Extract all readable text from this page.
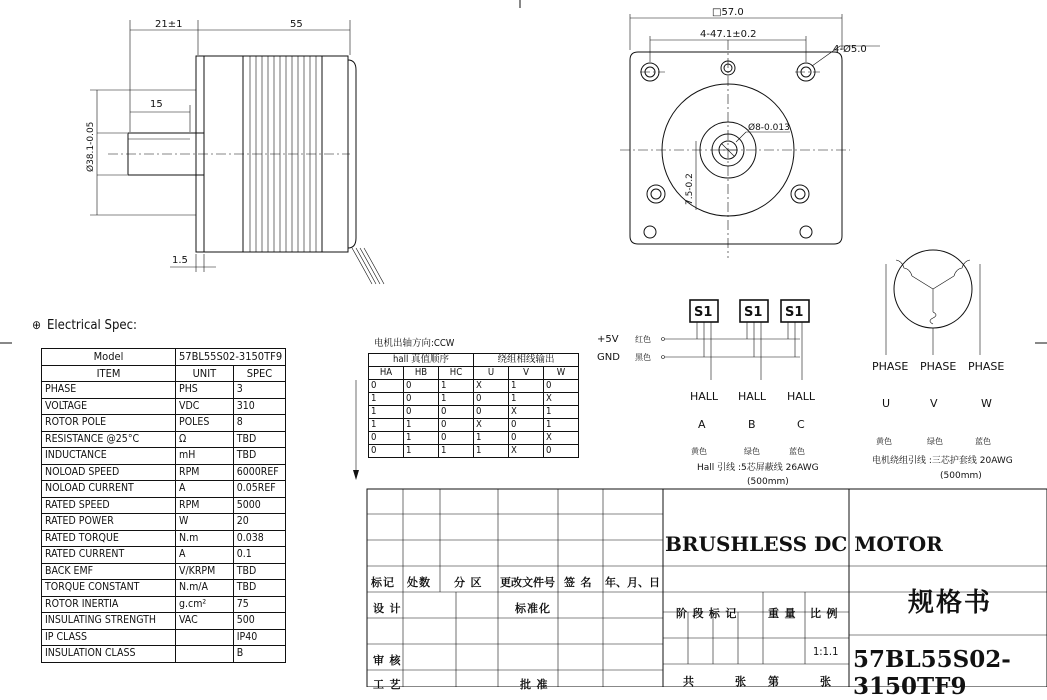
21±1	55
15
Ø38.1-0.05
1.5
□57.0
4-47.1±0.2
4-Ø5.0
Ø8-0.013
7.5-0.2
+5V
GND
红色
黑色
S1 S1 S1
HALL HALL HALL
A	B	C
黄色	绿色	蓝色
Hall 引线 :5芯屏蔽线 26AWG
(500mm)
PHASE PHASE PHASE
U	V	W
黄色	绿色	蓝色
电机绕组引线 :三芯护套线 20AWG
(500mm)
⊕ Electrical Spec:
Model	57BL55S02-3150TF9	
ITEM	UNIT	SPEC
PHASE	PHS	3
VOLTAGE	VDC	310
ROTOR POLE	POLES	8
RESISTANCE @25°C	Ω	TBD
INDUCTANCE	mH	TBD
NOLOAD SPEED	RPM	6000REF
NOLOAD CURRENT	A	0.05REF
RATED SPEED	RPM	5000
RATED POWER	W	20
RATED TORQUE	N.m	0.038
RATED CURRENT	A	0.1
BACK EMF	V/KRPM	TBD
TORQUE CONSTANT	N.m/A	TBD
ROTOR INERTIA	g.cm²	75
INSULATING STRENGTH	VAC	500
IP CLASS		IP40
INSULATION CLASS		B
电机出轴方向:CCW
hall 真值顺序			绕组相线输出		
HA	HB	HC	U	V	W
0	0	1	X	1	0
1	0	1	0	1	X
1	0	0	0	X	1
1	1	0	X	0	1
0	1	0	1	0	X
0	1	1	1	X	0
标记 处数 分 区 更改文件号 签 名 年、月、日
设 计	标准化
审 核
工 艺	批 准
BRUSHLESS DC MOTOR
阶 段 标 记	重 量 比 例
1:1.1
共	张 第	张
规格书
57BL55S02-3150TF9
